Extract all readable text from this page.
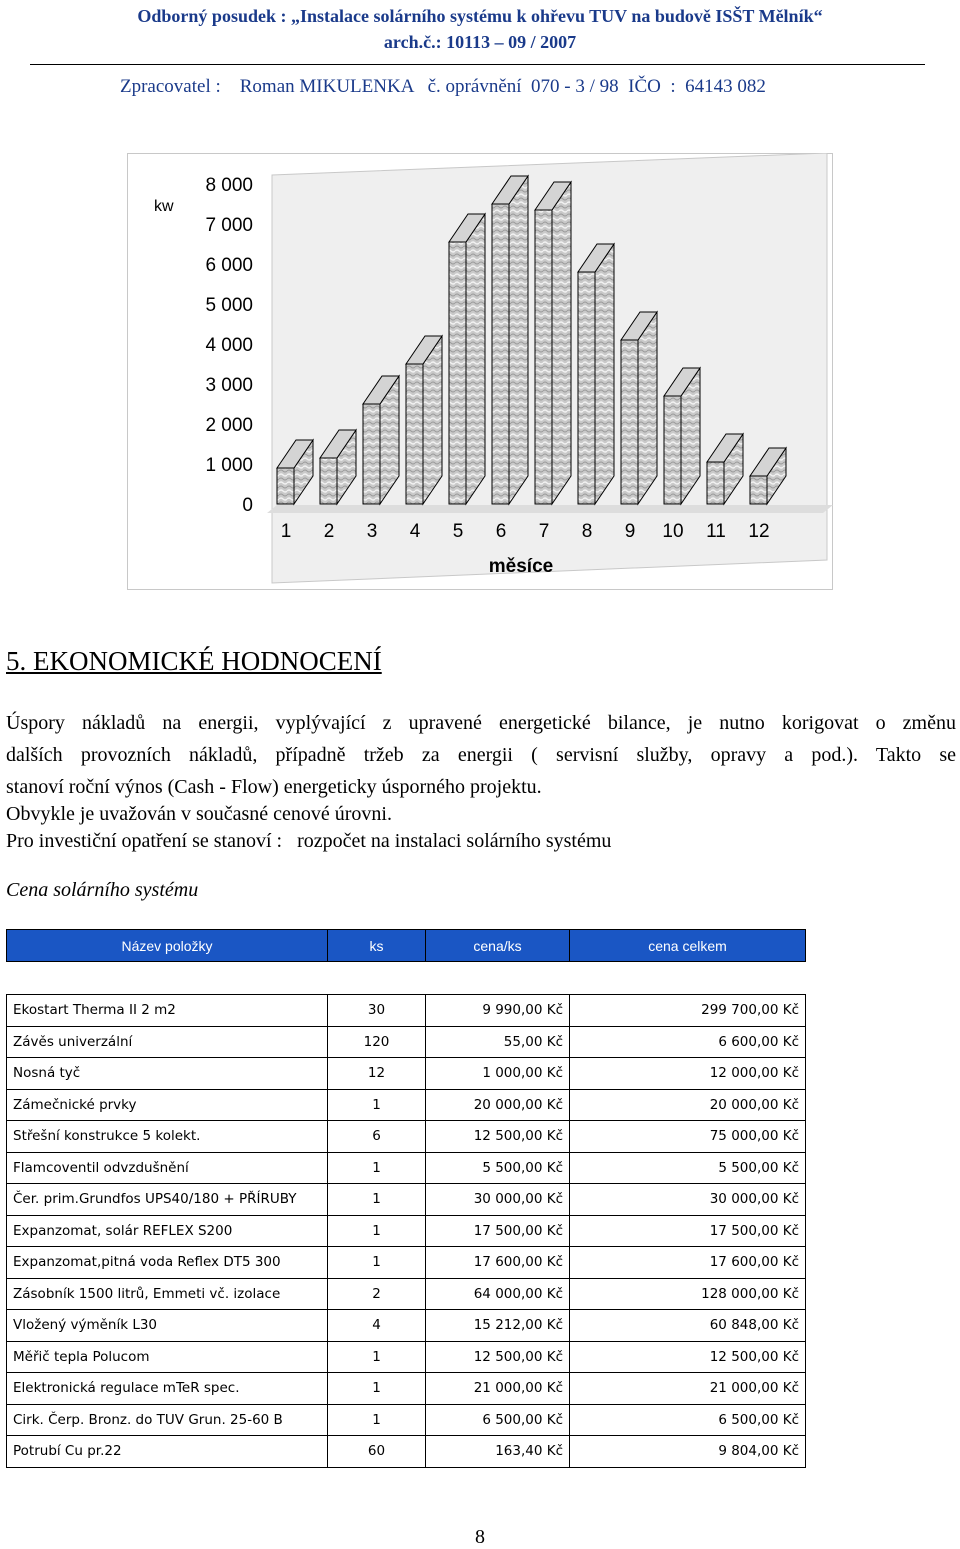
Odborný posudek : „Instalace solárního systému k ohřevu TUV na budově ISŠT Mělník“
arch.č.: 10113 – 09 / 2007
Zpracovatel :    Roman MIKULENKA   č. oprávnění  070 - 3 / 98  IČO  :  64143 082
0
1 000
2 000
3 000
4 000
5 000
6 000
7 000
8 000
1 2 3 4 5 6 7 8 9 10 11 12
kw
měsíce
5. EKONOMICKÉ HODNOCENÍ
Úspory nákladů na energii, vyplývající z upravené energetické bilance, je nutno korigovat o změnu
dalších provozních nákladů, případně tržeb za energii ( servisní služby, opravy a pod.). Takto se
stanoví roční výnos (Cash - Flow) energeticky úsporného projektu.
Obvykle je uvažován v současné cenové úrovni.
Pro investiční opatření se stanoví :   rozpočet na instalaci solárního systému
Cena solárního systému
Název položky	ks	cena/ks	cena celkem

Ekostart Therma II 2 m2	30	9 990,00 Kč	299 700,00 Kč
Závěs univerzální	120	55,00 Kč	6 600,00 Kč
Nosná tyč	12	1 000,00 Kč	12 000,00 Kč
Zámečnické prvky	1	20 000,00 Kč	20 000,00 Kč
Střešní konstrukce 5 kolekt.	6	12 500,00 Kč	75 000,00 Kč
Flamcoventil odvzdušnění	1	5 500,00 Kč	5 500,00 Kč
Čer. prim.Grundfos UPS40/180 + PŘÍRUBY	1	30 000,00 Kč	30 000,00 Kč
Expanzomat, solár REFLEX S200	1	17 500,00 Kč	17 500,00 Kč
Expanzomat,pitná voda Reflex DT5 300	1	17 600,00 Kč	17 600,00 Kč
Zásobník 1500 litrů, Emmeti vč. izolace	2	64 000,00 Kč	128 000,00 Kč
Vložený výměník L30	4	15 212,00 Kč	60 848,00 Kč
Měřič tepla Polucom	1	12 500,00 Kč	12 500,00 Kč
Elektronická regulace mTeR spec.	1	21 000,00 Kč	21 000,00 Kč
Cirk. Čerp. Bronz. do TUV Grun. 25-60 B	1	6 500,00 Kč	6 500,00 Kč
Potrubí Cu pr.22	60	163,40 Kč	9 804,00 Kč
8
